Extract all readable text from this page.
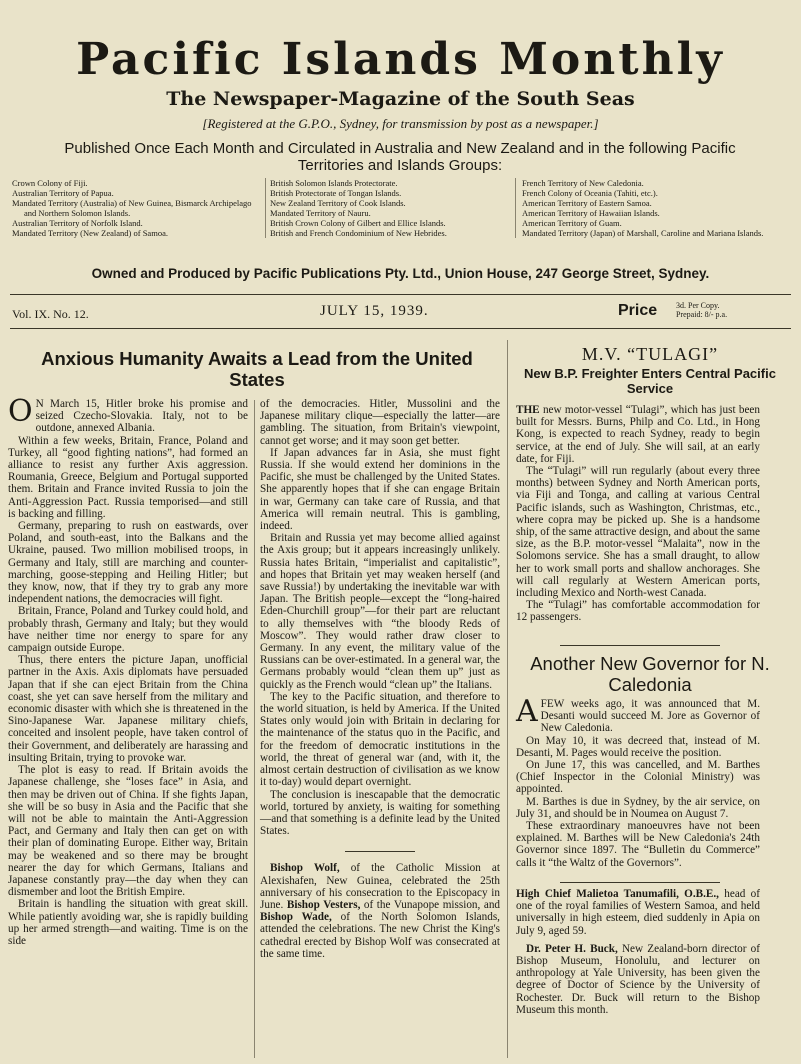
Pacific Islands Monthly
The Newspaper-Magazine of the South Seas
[Registered at the G.P.O., Sydney, for transmission by post as a newspaper.]
Published Once Each Month and Circulated in Australia and New Zealand and in the following Pacific Territories and Islands Groups:
Crown Colony of Fiji.
Australian Territory of Papua.
Mandated Territory (Australia) of New Guinea, Bismarck Archipelago and Northern Solomon Islands.
Australian Territory of Norfolk Island.
Mandated Territory (New Zealand) of Samoa.
British Solomon Islands Protectorate.
British Protectorate of Tongan Islands.
New Zealand Territory of Cook Islands.
Mandated Territory of Nauru.
British Crown Colony of Gilbert and Ellice Islands.
British and French Condominium of New Hebrides.
French Territory of New Caledonia.
French Colony of Oceania (Tahiti, etc.).
American Territory of Eastern Samoa.
American Territory of Hawaiian Islands.
American Territory of Guam.
Mandated Territory (Japan) of Marshall, Caroline and Mariana Islands.
Owned and Produced by Pacific Publications Pty. Ltd., Union House, 247 George Street, Sydney.
Vol. IX. No. 12.	JULY 15, 1939.	Price 3d. Per Copy.
Prepaid: 8/- p.a.
Anxious Humanity Awaits a Lead from the United States

O N March 15, Hitler broke his promise and seized Czecho-Slovakia. Italy, not to be outdone, annexed Albania.

Within a few weeks, Britain, France, Poland and Turkey, all “good fighting nations”, had formed an alliance to resist any further Axis aggression. Roumania, Greece, Belgium and Portugal supported them. Britain and France invited Russia to join the Anti-Aggression Pact. Russia temporised—and still is backing and filling.

Germany, preparing to rush on eastwards, over Poland, and south-east, into the Balkans and the Ukraine, paused. Two million mobilised troops, in Germany and Italy, still are marching and counter-marching, goose-stepping and Heiling Hitler; but they know, now, that if they try to grab any more independent nations, the democracies will fight.

Britain, France, Poland and Turkey could hold, and probably thrash, Germany and Italy; but they would have neither time nor energy to spare for any campaign outside Europe.

Thus, there enters the picture Japan, unofficial partner in the Axis. Axis diplomats have persuaded Japan that if she can eject Britain from the China coast, she yet can save herself from the military and economic disaster with which she is threatened in the Sino-Japanese War. Japanese military chiefs, conceited and insolent people, have taken control of their Government, and deliberately are harassing and insulting Britain, trying to provoke war.

The plot is easy to read. If Britain avoids the Japanese challenge, she “loses face” in Asia, and then may be driven out of China. If she fights Japan, she will be so busy in Asia and the Pacific that she will not be able to maintain the Anti-Aggression Pact, and Germany and Italy then can get on with their plan of dominating Europe. Either way, Britain may be weakened and so there may be brought nearer the day for which Germans, Italians and Japanese constantly pray—the day when they can dismember and loot the British Empire.

Britain is handling the situation with great skill. While patiently avoiding war, she is rapidly building up her armed strength—and waiting. Time is on the side

of the democracies. Hitler, Mussolini and the Japanese military clique—especially the latter—are gambling. The situation, from Britain's viewpoint, cannot get worse; and it may soon get better.

If Japan advances far in Asia, she must fight Russia. If she would extend her dominions in the Pacific, she must be challenged by the United States. She apparently hopes that if she can engage Britain in war, Germany can take care of Russia, and that America will remain neutral. This is gambling, indeed.

Britain and Russia yet may become allied against the Axis group; but it appears increasingly unlikely. Russia hates Britain, “imperialist and capitalistic”, and hopes that Britain yet may weaken herself (and save Russia!) by undertaking the inevitable war with Japan. The British people—except the “long-haired Eden-Churchill group”—for their part are reluctant to ally themselves with “the bloody Reds of Moscow”. They would rather draw closer to Germany. In any event, the military value of the Russians can be over-estimated. In a general war, the Germans probably would “clean them up” just as quickly as the French would “clean up” the Italians.

The key to the Pacific situation, and therefore to the world situation, is held by America. If the United States only would join with Britain in declaring for the maintenance of the status quo in the Pacific, and for the freedom of democratic institutions in the world, the threat of general war (and, with it, the almost certain destruction of civilisation as we know it to-day) would depart overnight.

The conclusion is inescapable that the democratic world, tortured by anxiety, is waiting for something—and that something is a definite lead by the United States.

Bishop Wolf, of the Catholic Mission at Alexishafen, New Guinea, celebrated the 25th anniversary of his consecration to the Episcopacy in June. Bishop Vesters, of the Vunapope mission, and Bishop Wade, of the North Solomon Islands, attended the celebrations. The new Christ the King's cathedral erected by Bishop Wolf was consecrated at the same time.

M.V. “TULAGI”
New B.P. Freighter Enters Central Pacific Service

THE new motor-vessel “Tulagi”, which has just been built for Messrs. Burns, Philp and Co. Ltd., in Hong Kong, is expected to reach Sydney, ready to begin service, at the end of July. She will sail, at an early date, for Fiji.

The “Tulagi” will run regularly (about every three months) between Sydney and North American ports, via Fiji and Tonga, and calling at various Central Pacific islands, such as Washington, Christmas, etc., where copra may be picked up. She is a handsome ship, of the same attractive design, and about the same size, as the B.P. motor-vessel “Malaita”, now in the Solomons service. She has a small draught, to allow her to work small ports and shallow anchorages. She will call regularly at Western American ports, including Mexico and North-west Canada.

The “Tulagi” has comfortable accommodation for 12 passengers.

Another New Governor for N. Caledonia

AFEW weeks ago, it was announced that M. Desanti would succeed M. Jore as Governor of New Caledonia.

On May 10, it was decreed that, instead of M. Desanti, M. Pages would receive the position.

On June 17, this was cancelled, and M. Barthes (Chief Inspector in the Colonial Ministry) was appointed.

M. Barthes is due in Sydney, by the air service, on July 31, and should be in Noumea on August 7.

These extraordinary manoeuvres have not been explained. M. Barthes will be New Caledonia's 24th Governor since 1897. The “Bulletin du Commerce” calls it “the Waltz of the Governors”.

High Chief Malietoa Tanumafili, O.B.E., head of one of the royal families of Western Samoa, and held universally in high esteem, died suddenly in Apia on July 9, aged 59.

Dr. Peter H. Buck, New Zealand-born director of Bishop Museum, Honolulu, and lecturer on anthropology at Yale University, has been given the degree of Doctor of Science by the University of Rochester. Dr. Buck will return to the Bishop Museum this month.
